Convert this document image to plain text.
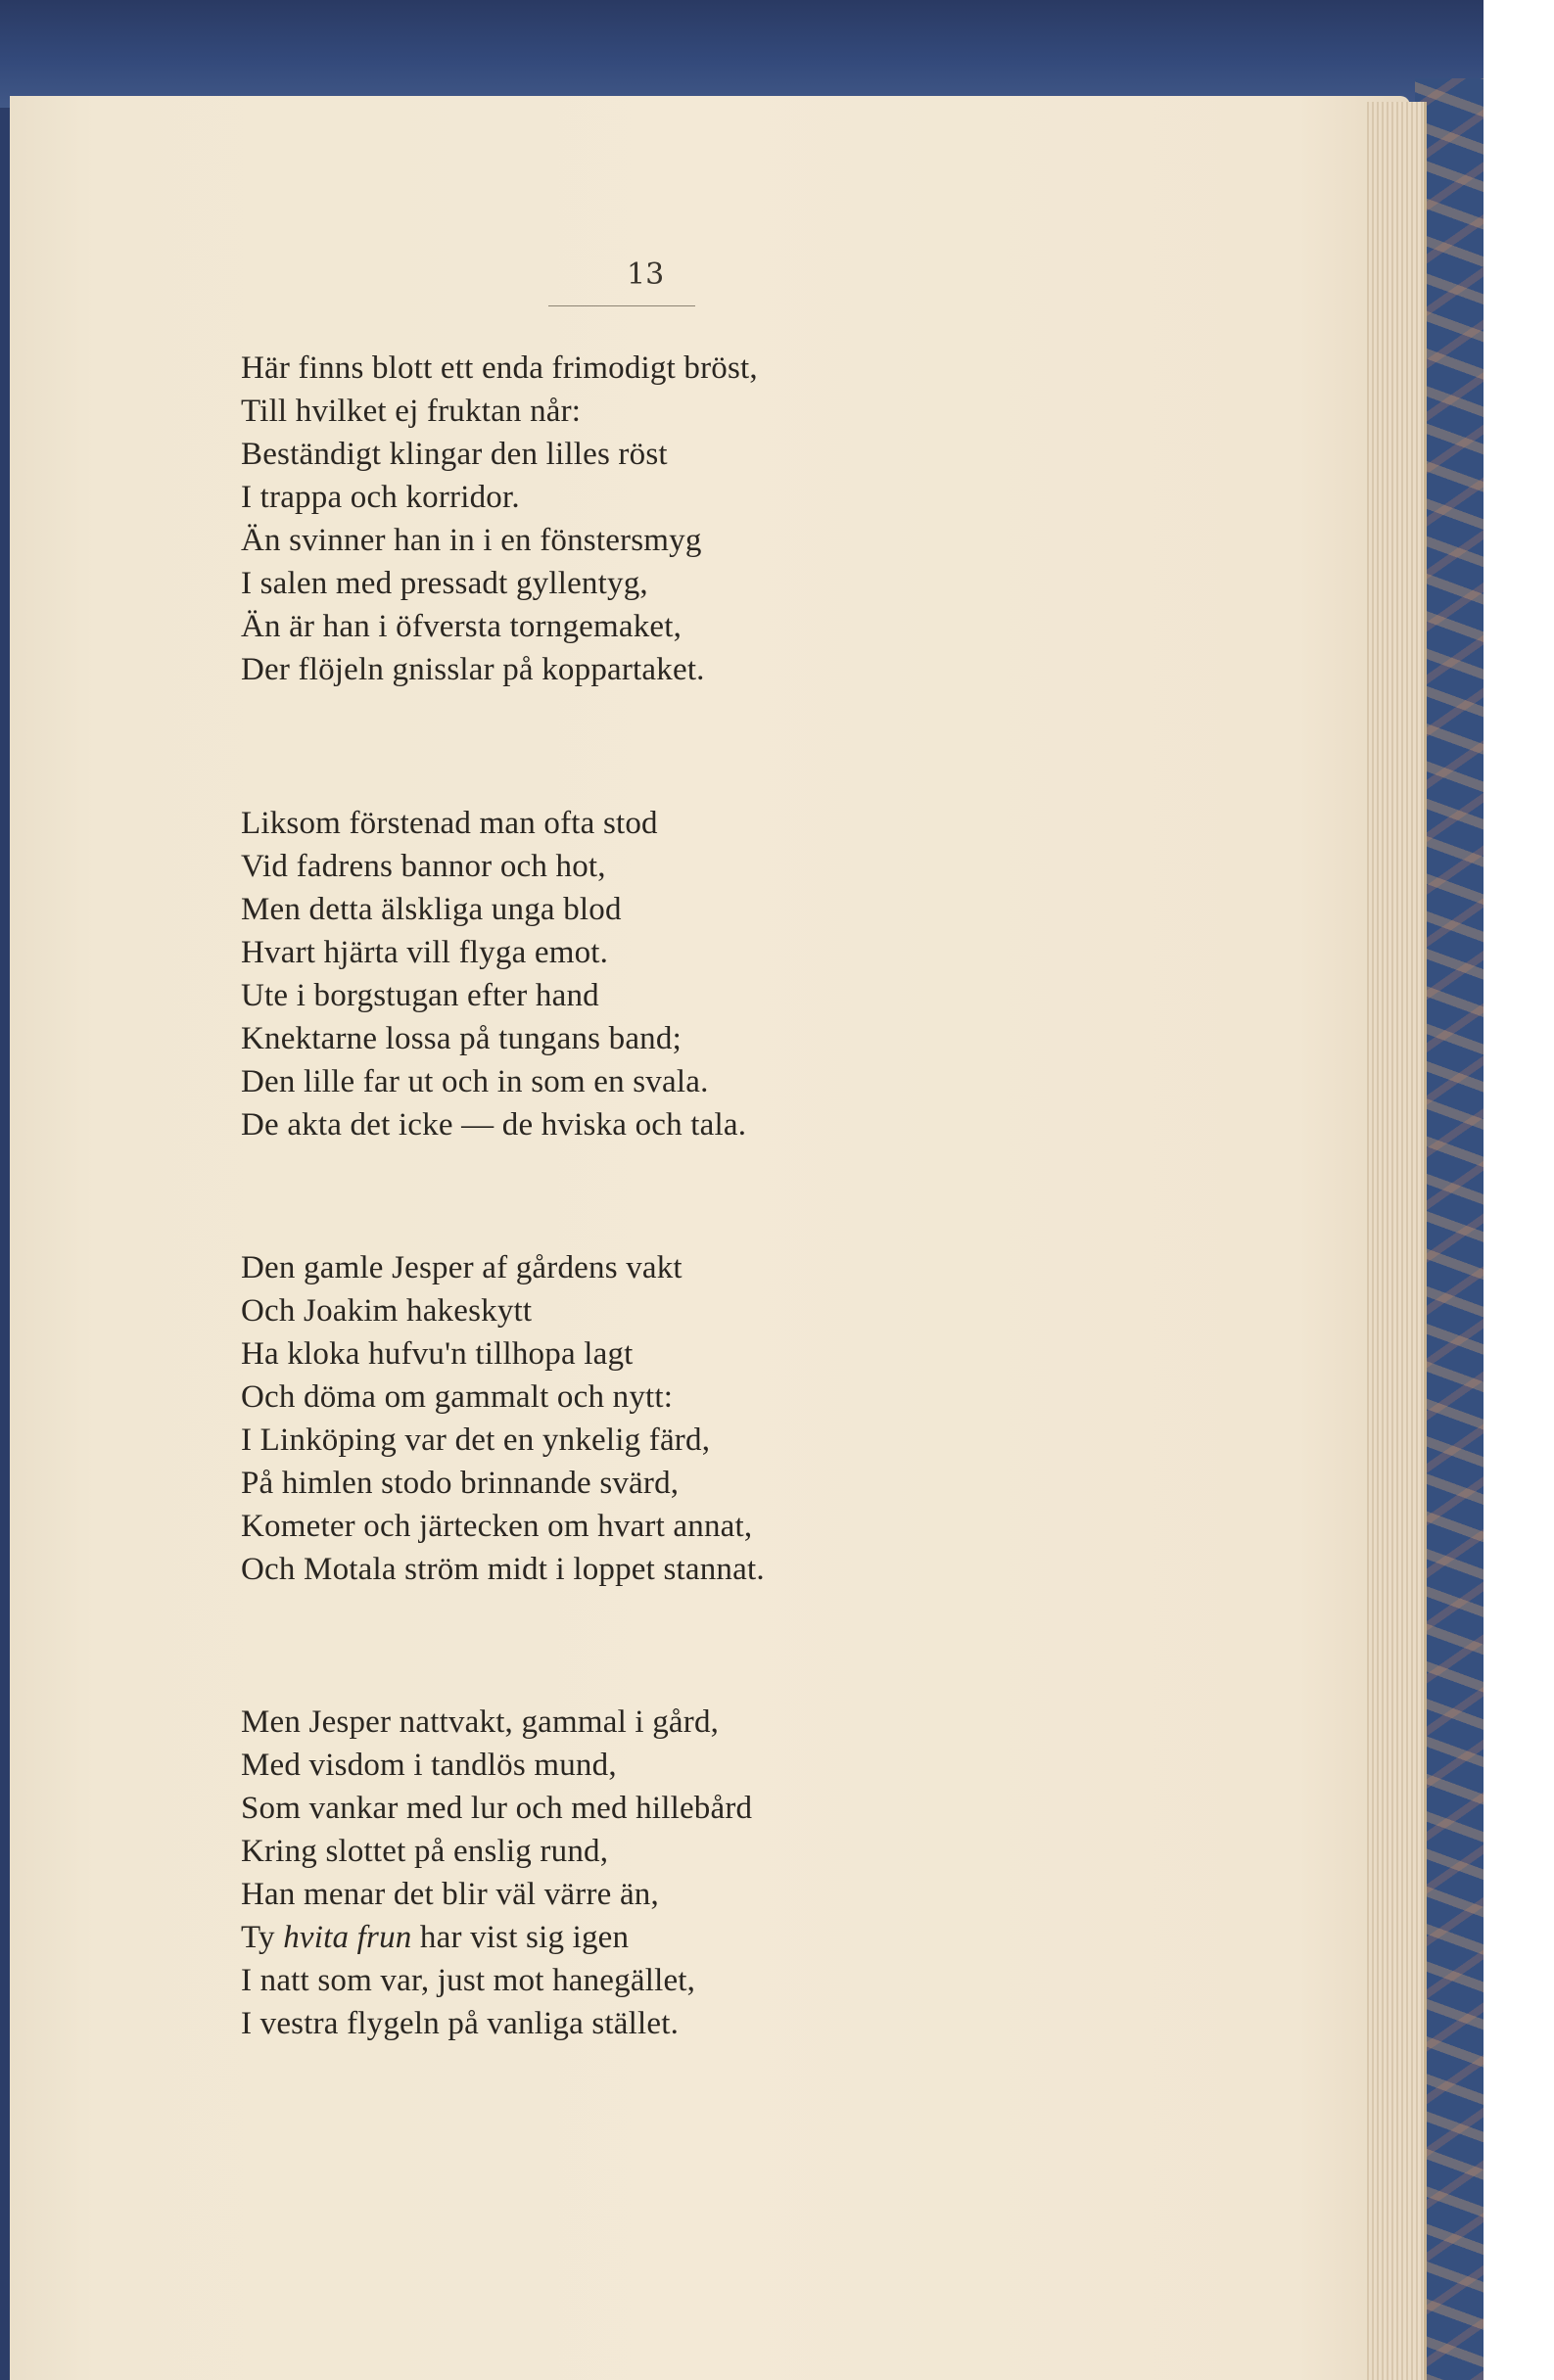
13
Här finns blott ett enda frimodigt bröst,
Till hvilket ej fruktan når:
Beständigt klingar den lilles röst
I trappa och korridor.
Än svinner han in i en fönstersmyg
I salen med pressadt gyllentyg,
Än är han i öfversta torngemaket,
Der flöjeln gnisslar på koppartaket.
Liksom förstenad man ofta stod
Vid fadrens bannor och hot,
Men detta älskliga unga blod
Hvart hjärta vill flyga emot.
Ute i borgstugan efter hand
Knektarne lossa på tungans band;
Den lille far ut och in som en svala.
De akta det icke — de hviska och tala.
Den gamle Jesper af gårdens vakt
Och Joakim hakeskytt
Ha kloka hufvu'n tillhopa lagt
Och döma om gammalt och nytt:
I Linköping var det en ynkelig färd,
På himlen stodo brinnande svärd,
Kometer och järtecken om hvart annat,
Och Motala ström midt i loppet stannat.
Men Jesper nattvakt, gammal i gård,
Med visdom i tandlös mund,
Som vankar med lur och med hillebård
Kring slottet på enslig rund,
Han menar det blir väl värre än,
Ty hvita frun har vist sig igen
I natt som var, just mot hanegället,
I vestra flygeln på vanliga stället.
